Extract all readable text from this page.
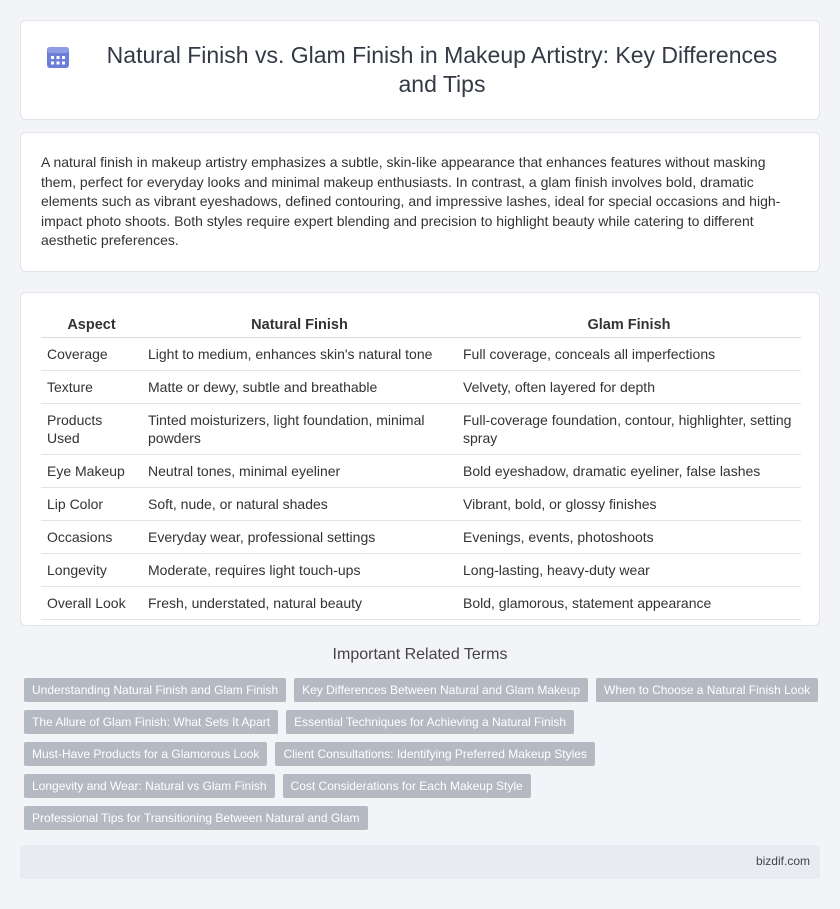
Natural Finish vs. Glam Finish in Makeup Artistry: Key Differences and Tips

A natural finish in makeup artistry emphasizes a subtle, skin-like appearance that enhances features without masking them, perfect for everyday looks and minimal makeup enthusiasts. In contrast, a glam finish involves bold, dramatic elements such as vibrant eyeshadows, defined contouring, and impressive lashes, ideal for special occasions and high-impact photo shoots. Both styles require expert blending and precision to highlight beauty while catering to different aesthetic preferences.

Aspect	Natural Finish	Glam Finish
Coverage	Light to medium, enhances skin's natural tone	Full coverage, conceals all imperfections
Texture	Matte or dewy, subtle and breathable	Velvety, often layered for depth
Products Used	Tinted moisturizers, light foundation, minimal powders	Full-coverage foundation, contour, highlighter, setting spray
Eye Makeup	Neutral tones, minimal eyeliner	Bold eyeshadow, dramatic eyeliner, false lashes
Lip Color	Soft, nude, or natural shades	Vibrant, bold, or glossy finishes
Occasions	Everyday wear, professional settings	Evenings, events, photoshoots
Longevity	Moderate, requires light touch-ups	Long-lasting, heavy-duty wear
Overall Look	Fresh, understated, natural beauty	Bold, glamorous, statement appearance
Important Related Terms
Understanding Natural Finish and Glam Finish	Key Differences Between Natural and Glam Makeup	When to Choose a Natural Finish Look
The Allure of Glam Finish: What Sets It Apart	Essential Techniques for Achieving a Natural Finish
Must-Have Products for a Glamorous Look	Client Consultations: Identifying Preferred Makeup Styles
Longevity and Wear: Natural vs Glam Finish	Cost Considerations for Each Makeup Style
Professional Tips for Transitioning Between Natural and Glam
bizdif.com
